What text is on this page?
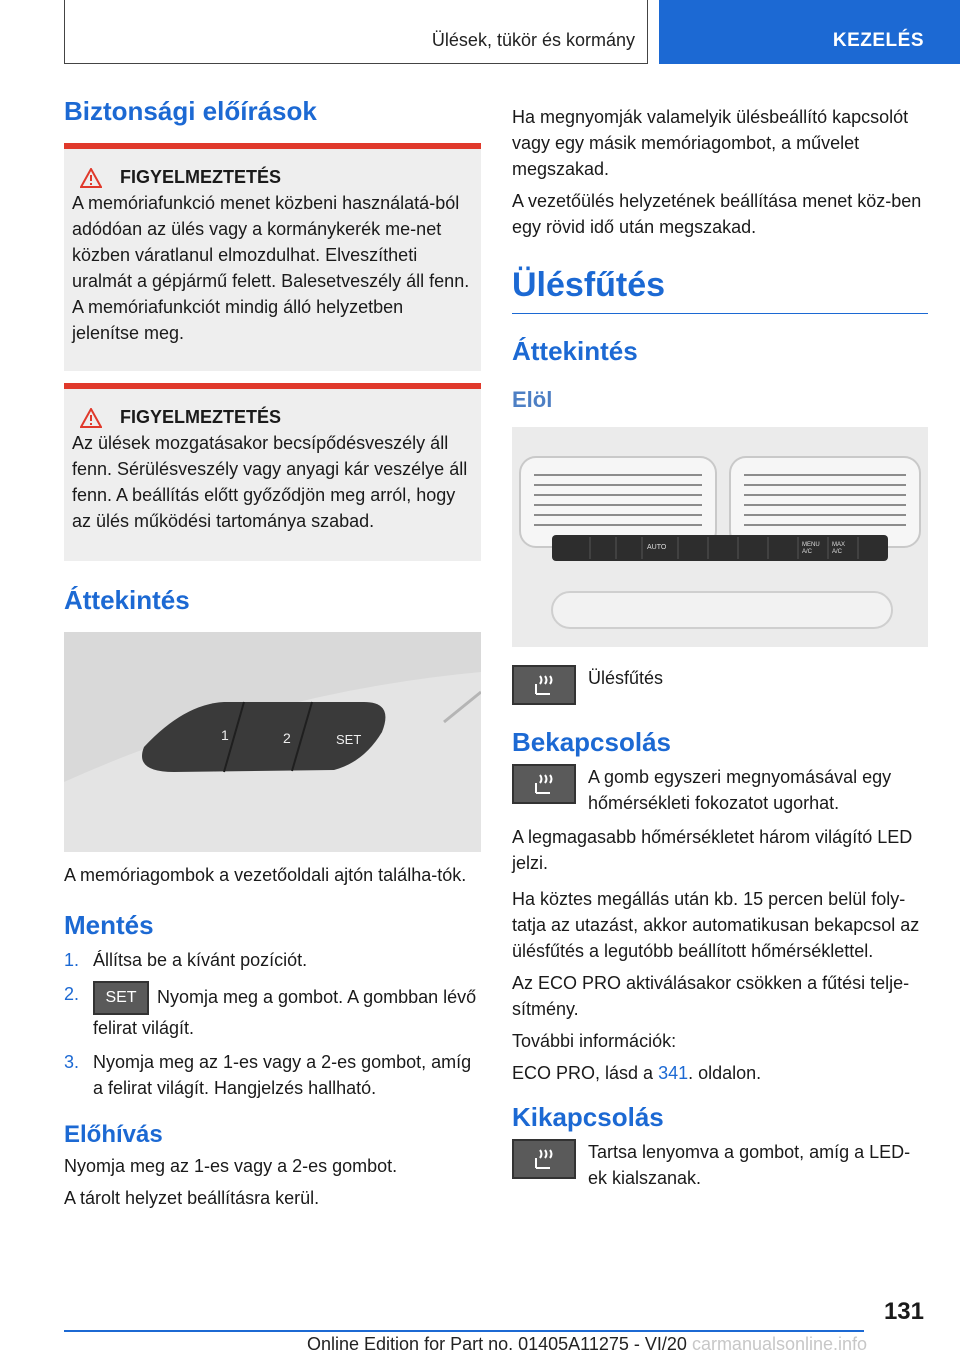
Ülések, tükör és kormány	KEZELÉS
Biztonsági előírások
FIGYELMEZTETÉS

A memóriafunkció menet közbeni használatá-ból adódóan az ülés vagy a kormánykerék me-net közben váratlanul elmozdulhat. Elveszítheti uralmát a gépjármű felett. Balesetveszély áll fenn. A memóriafunkciót mindig álló helyzetben jelenítse meg.

FIGYELMEZTETÉS

Az ülések mozgatásakor becsípődésveszély áll fenn. Sérülésveszély vagy anyagi kár veszélye áll fenn. A beállítás előtt győződjön meg arról, hogy az ülés működési tartománya szabad.

Áttekintés
1	2	SET

A memóriagombok a vezetőoldali ajtón találha-tók.

Mentés
1. Állítsa be a kívánt pozíciót.
2.	SET Nyomja meg a gombot. A gombban lévő felirat világít.
3. Nyomja meg az 1-es vagy a 2-es gombot, amíg a felirat világít. Hangjelzés hallható.
Előhívás

Nyomja meg az 1-es vagy a 2-es gombot.

A tárolt helyzet beállításra kerül.

Ha megnyomják valamelyik ülésbeállító kapcsolót vagy egy másik memóriagombot, a művelet megszakad.

A vezetőülés helyzetének beállítása menet köz-ben egy rövid idő után megszakad.

Ülésfűtés
Áttekintés
Elöl
AUTO	MENU A/C
MAX A/C

Ülésfűtés

Bekapcsolás

A gomb egyszeri megnyomásával egy hőmérsékleti fokozatot ugorhat.

A legmagasabb hőmérsékletet három világító LED jelzi.

Ha köztes megállás után kb. 15 percen belül foly-tatja az utazást, akkor automatikusan bekapcsol az ülésfűtés a legutóbb beállított hőmérséklettel.

Az ECO PRO aktiválásakor csökken a fűtési telje-sítmény.

További információk:

ECO PRO, lásd a 341. oldalon.

Kikapcsolás

Tartsa lenyomva a gombot, amíg a LED-ek kialszanak.

131
Online Edition for Part no. 01405A11275 - VI/20 carmanualsonline.info
